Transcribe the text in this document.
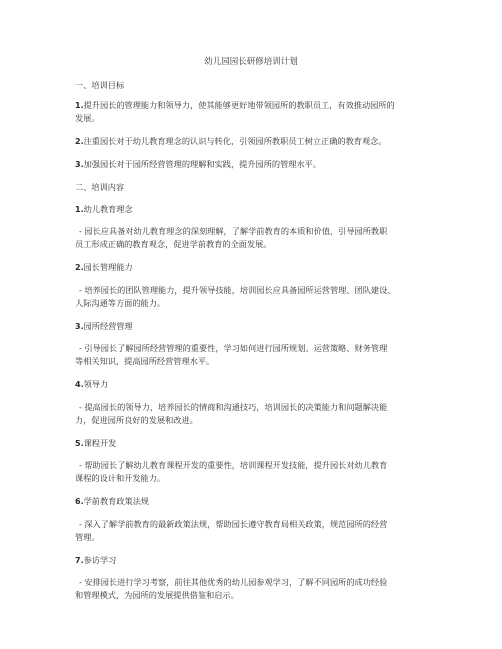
幼儿园园长研修培训计划
一、培训目标
1.提升园长的管理能力和领导力，使其能够更好地带领园所的教职员工，有效推动园所的
发展。
2.注重园长对于幼儿教育理念的认识与转化，引领园所教职员工树立正确的教育观念。
3.加强园长对于园所经营管理的理解和实践，提升园所的管理水平。
二、培训内容
1.幼儿教育理念
- 园长应具备对幼儿教育理念的深刻理解，了解学前教育的本质和价值，引导园所教职
员工形成正确的教育观念，促进学前教育的全面发展。
2.园长管理能力
- 培养园长的团队管理能力，提升领导技能，培训园长应具备园所运营管理、团队建设、
人际沟通等方面的能力。
3.园所经营管理
- 引导园长了解园所经营管理的重要性，学习如何进行园所规划、运营策略、财务管理
等相关知识，提高园所经营管理水平。
4.领导力
- 提高园长的领导力，培养园长的情商和沟通技巧，培训园长的决策能力和问题解决能
力，促进园所良好的发展和改进。
5.课程开发
- 帮助园长了解幼儿教育课程开发的重要性，培训课程开发技能，提升园长对幼儿教育
课程的设计和开发能力。
6.学前教育政策法规
- 深入了解学前教育的最新政策法规，帮助园长遵守教育局相关政策，规范园所的经营
管理。
7.参访学习
- 安排园长进行学习考察，前往其他优秀的幼儿园参观学习，了解不同园所的成功经验
和管理模式，为园所的发展提供借鉴和启示。
